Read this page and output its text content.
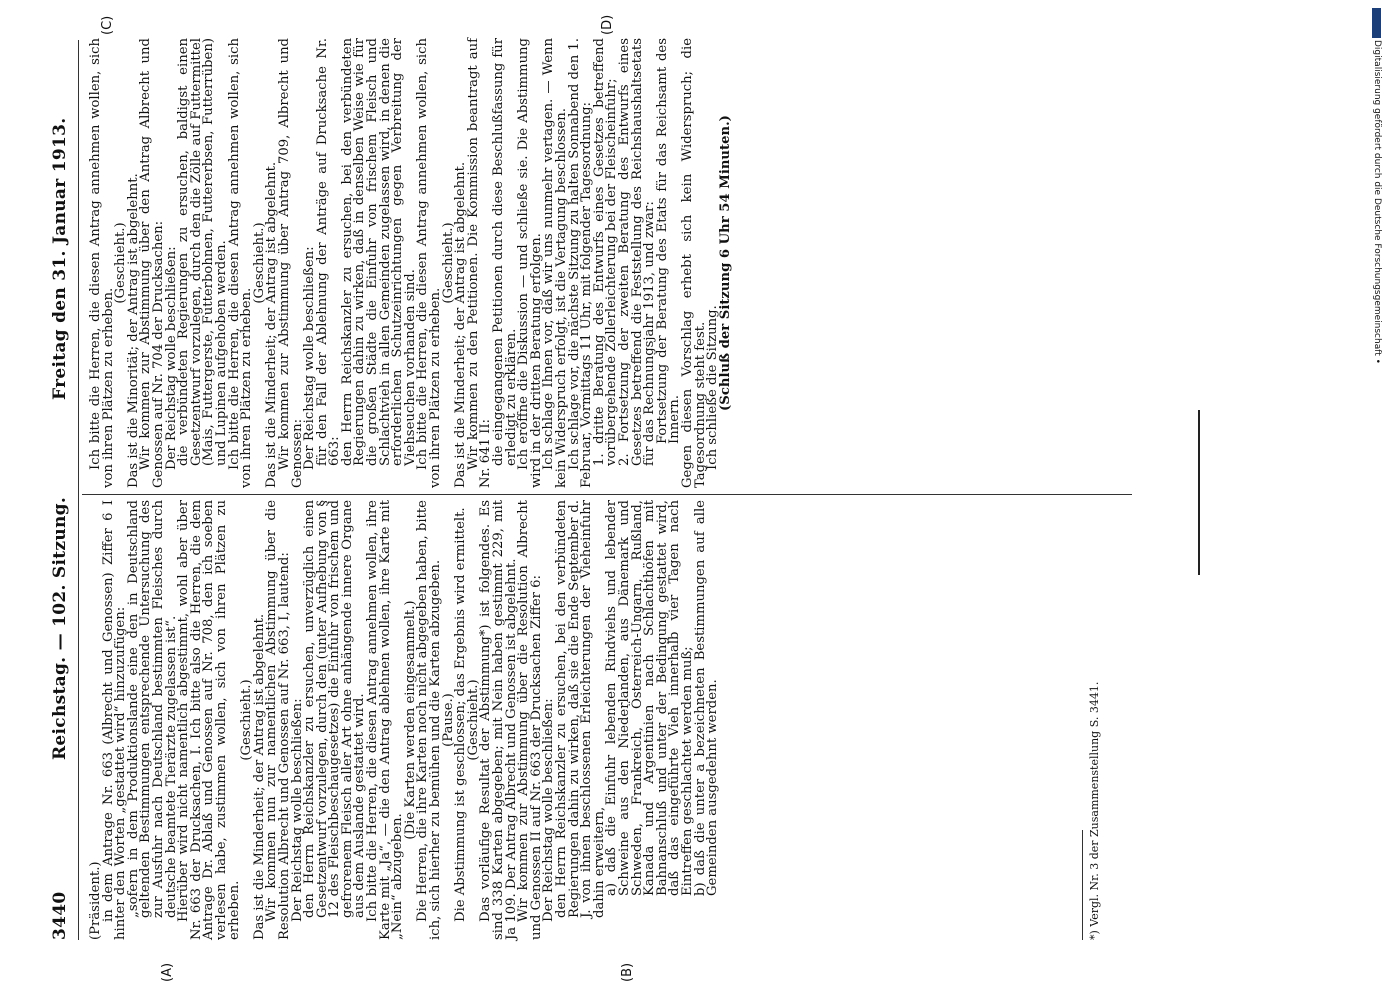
3440
Reichstag. — 102. Sitzung.
Freitag den 31. Januar 1913.
(A)	(B)
(C)	(D)

(Präsident.)

in dem Antrage Nr. 663 (Albrecht und Genossen) Ziffer 6 I hinter den Worten „gestattet wird“ hinzuzufügen:

„sofern in dem Produktionslande eine den in Deutschland geltenden Bestimmungen entsprechende Untersuchung des zur Ausfuhr nach Deutschland bestimmten Fleisches durch deutsche beamtete Tierärzte zugelassen ist“.

Hierüber wird nicht namentlich abgestimmt, wohl aber über Nr. 663 der Drucksachen, I. Ich bitte also die Herren, die dem Antrage Dr. Ablaß und Genossen auf Nr. 708, den ich soeben verlesen habe, zustimmen wollen, sich von ihren Plätzen zu erheben.

(Geschieht.)

Das ist die Minderheit; der Antrag ist abgelehnt.

Wir kommen nun zur namentlichen Abstimmung über die Resolution Albrecht und Genossen auf Nr. 663, I, lautend:

Der Reichstag wolle beschließen:

den Herrn Reichskanzler zu ersuchen, unverzüglich einen Gesetzentwurf vorzulegen, durch den (unter Aufhebung von § 12 des Fleischbeschaugesetzes) die Einfuhr von frischem und gefrorenem Fleisch aller Art ohne anhängende innere Organe aus dem Auslande gestattet wird.

Ich bitte die Herren, die diesen Antrag annehmen wollen, ihre Karte mit „Ja“, — die den Antrag ablehnen wollen, ihre Karte mit „Nein“ abzugeben.

(Die Karten werden eingesammelt.)

Die Herren, die ihre Karten noch nicht abgegeben haben, bitte ich, sich hierher zu bemühen und die Karten abzugeben.

(Pause.)

Die Abstimmung ist geschlossen; das Ergebnis wird ermittelt.

(Geschieht.)

Das vorläufige Resultat der Abstimmung*) ist folgendes. Es sind 338 Karten abgegeben; mit Nein haben gestimmt 229, mit Ja 109. Der Antrag Albrecht und Genossen ist abgelehnt.

Wir kommen zur Abstimmung über die Resolution Albrecht und Genossen II auf Nr. 663 der Drucksachen Ziffer 6:

Der Reichstag wolle beschließen:

den Herrn Reichskanzler zu ersuchen, bei den verbündeten Regierungen dahin zu wirken, daß sie die Ende September d. J. von ihnen beschlossenen Erleichterungen der Vieheinfuhr dahin erweitern,

a) daß die Einfuhr lebenden Rindviehs und lebender Schweine aus den Niederlanden, aus Dänemark und Schweden, Frankreich, Österreich-Ungarn, Rußland, Kanada und Argentinien nach Schlachthöfen mit Bahnanschluß und unter der Bedingung gestattet wird, daß das eingeführte Vieh innerhalb vier Tagen nach Eintreffen geschlachtet werden muß;

b) daß die unter a bezeichneten Bestimmungen auf alle Gemeinden ausgedehnt werden.

Ich bitte die Herren, die diesen Antrag annehmen wollen, sich von ihren Plätzen zu erheben.

(Geschieht.)

Das ist die Minorität; der Antrag ist abgelehnt.

Wir kommen zur Abstimmung über den Antrag Albrecht und Genossen auf Nr. 704 der Drucksachen:

Der Reichstag wolle beschließen:

die verbündeten Regierungen zu ersuchen, baldigst einen Gesetzentwurf vorzulegen, durch den die Zölle auf Futtermittel (Mais, Futtergerste, Futterbohnen, Futtererbsen, Futterrüben) und Lupinen aufgehoben werden.

Ich bitte die Herren, die diesen Antrag annehmen wollen, sich von ihren Plätzen zu erheben.

(Geschieht.)

Das ist die Minderheit; der Antrag ist abgelehnt.

Wir kommen zur Abstimmung über Antrag 709, Albrecht und Genossen:

Der Reichstag wolle beschließen:

für den Fall der Ablehnung der Anträge auf Drucksache Nr. 663:

den Herrn Reichskanzler zu ersuchen, bei den verbündeten Regierungen dahin zu wirken, daß in denselben Weise wie für die großen Städte die Einfuhr von frischem Fleisch und Schlachtvieh in allen Gemeinden zugelassen wird, in denen die erforderlichen Schutzeinrichtungen gegen Verbreitung der Viehseuchen vorhanden sind.

Ich bitte die Herren, die diesen Antrag annehmen wollen, sich von ihren Plätzen zu erheben.

(Geschieht.)

Das ist die Minderheit; der Antrag ist abgelehnt.

Wir kommen zu den Petitionen. Die Kommission beantragt auf Nr. 641 II:

die eingegangenen Petitionen durch diese Beschlußfassung für erledigt zu erklären.

Ich eröffne die Diskussion — und schließe sie. Die Abstimmung wird in der dritten Beratung erfolgen.

Ich schlage Ihnen vor, daß wir uns nunmehr vertagen. — Wenn kein Widerspruch erfolgt, ist die Vertagung beschlossen.

Ich schlage vor, die nächste Sitzung zu halten Sonnabend den 1. Februar, Vormittags 11 Uhr, mit folgender Tagesordnung:

1. dritte Beratung des Entwurfs eines Gesetzes betreffend vorübergehende Zollerleichterung bei der Fleischeinfuhr;

2. Fortsetzung der zweiten Beratung des Entwurfs eines Gesetzes betreffend die Feststellung des Reichshaushaltsetats für das Rechnungsjahr 1913, und zwar:

Fortsetzung der Beratung des Etats für das Reichsamt des Innern.

Gegen diesen Vorschlag erhebt sich kein Widerspruch; die Tagesordnung steht fest.

Ich schließe die Sitzung.

(Schluß der Sitzung 6 Uhr 54 Minuten.)

*) Vergl. Nr. 3 der Zusammenstellung S. 3441.
Digitalisierung gefördert durch die Deutsche Forschungsgemeinschaft •
